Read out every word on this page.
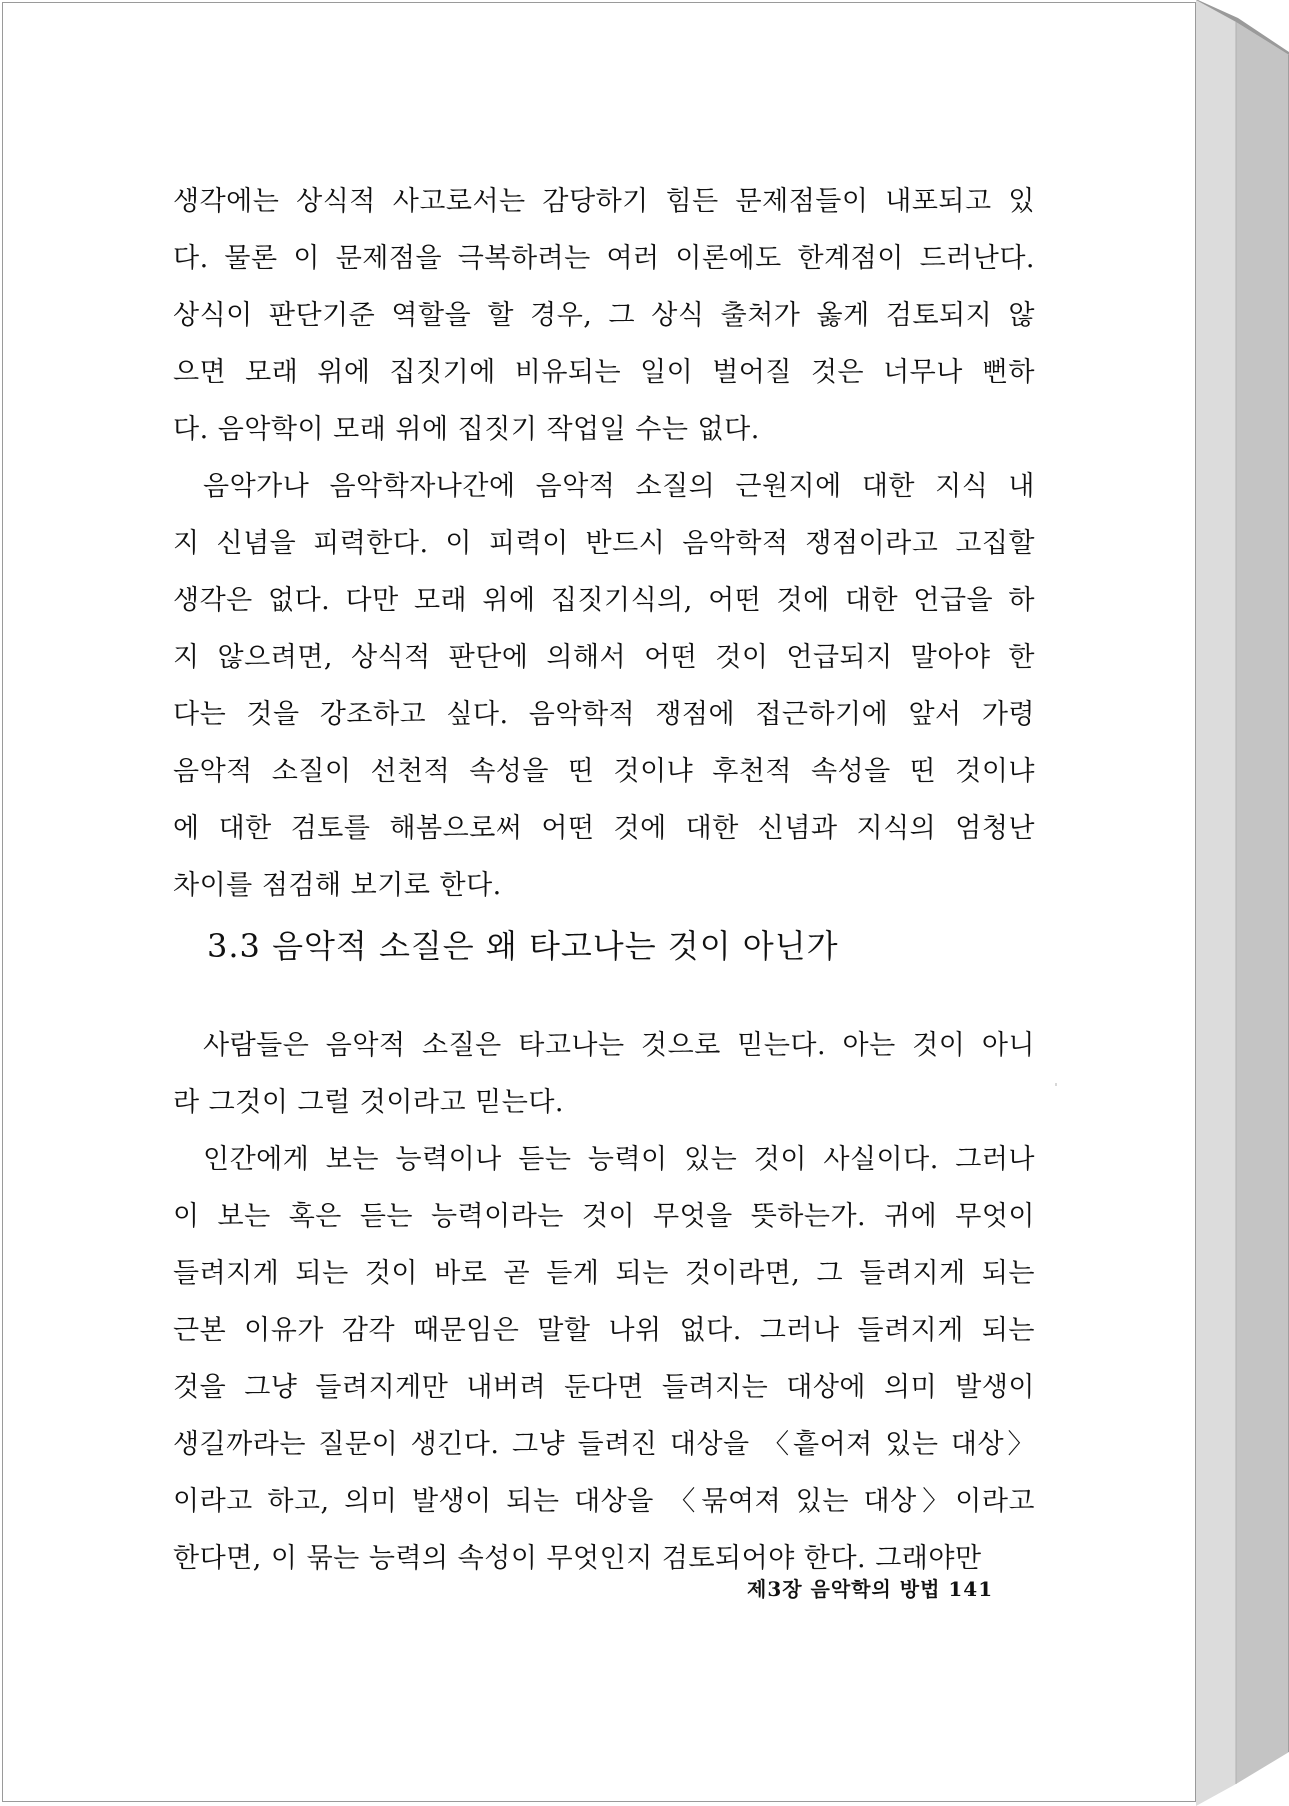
생각에는 상식적 사고로서는 감당하기 힘든 문제점들이 내포되고 있
다. 물론 이 문제점을 극복하려는 여러 이론에도 한계점이 드러난다.
상식이 판단기준 역할을 할 경우, 그 상식 출처가 옳게 검토되지 않
으면 모래 위에 집짓기에 비유되는 일이 벌어질 것은 너무나 뻔하
다. 음악학이 모래 위에 집짓기 작업일 수는 없다.
음악가나 음악학자나간에 음악적 소질의 근원지에 대한 지식 내
지 신념을 피력한다. 이 피력이 반드시 음악학적 쟁점이라고 고집할
생각은 없다. 다만 모래 위에 집짓기식의, 어떤 것에 대한 언급을 하
지 않으려면, 상식적 판단에 의해서 어떤 것이 언급되지 말아야 한
다는 것을 강조하고 싶다. 음악학적 쟁점에 접근하기에 앞서 가령
음악적 소질이 선천적 속성을 띤 것이냐 후천적 속성을 띤 것이냐
에 대한 검토를 해봄으로써 어떤 것에 대한 신념과 지식의 엄청난
차이를 점검해 보기로 한다.
3.3 음악적 소질은 왜 타고나는 것이 아닌가
사람들은 음악적 소질은 타고나는 것으로 믿는다. 아는 것이 아니
라 그것이 그럴 것이라고 믿는다.
인간에게 보는 능력이나 듣는 능력이 있는 것이 사실이다. 그러나
이 보는 혹은 듣는 능력이라는 것이 무엇을 뜻하는가. 귀에 무엇이
들려지게 되는 것이 바로 곧 듣게 되는 것이라면, 그 들려지게 되는
근본 이유가 감각 때문임은 말할 나위 없다. 그러나 들려지게 되는
것을 그냥 들려지게만 내버려 둔다면 들려지는 대상에 의미 발생이
생길까라는 질문이 생긴다. 그냥 들려진 대상을 〈흩어져 있는 대상〉
이라고 하고, 의미 발생이 되는 대상을 〈묶여져 있는 대상〉이라고
한다면, 이 묶는 능력의 속성이 무엇인지 검토되어야 한다. 그래야만
제3장 음악학의 방법 141
